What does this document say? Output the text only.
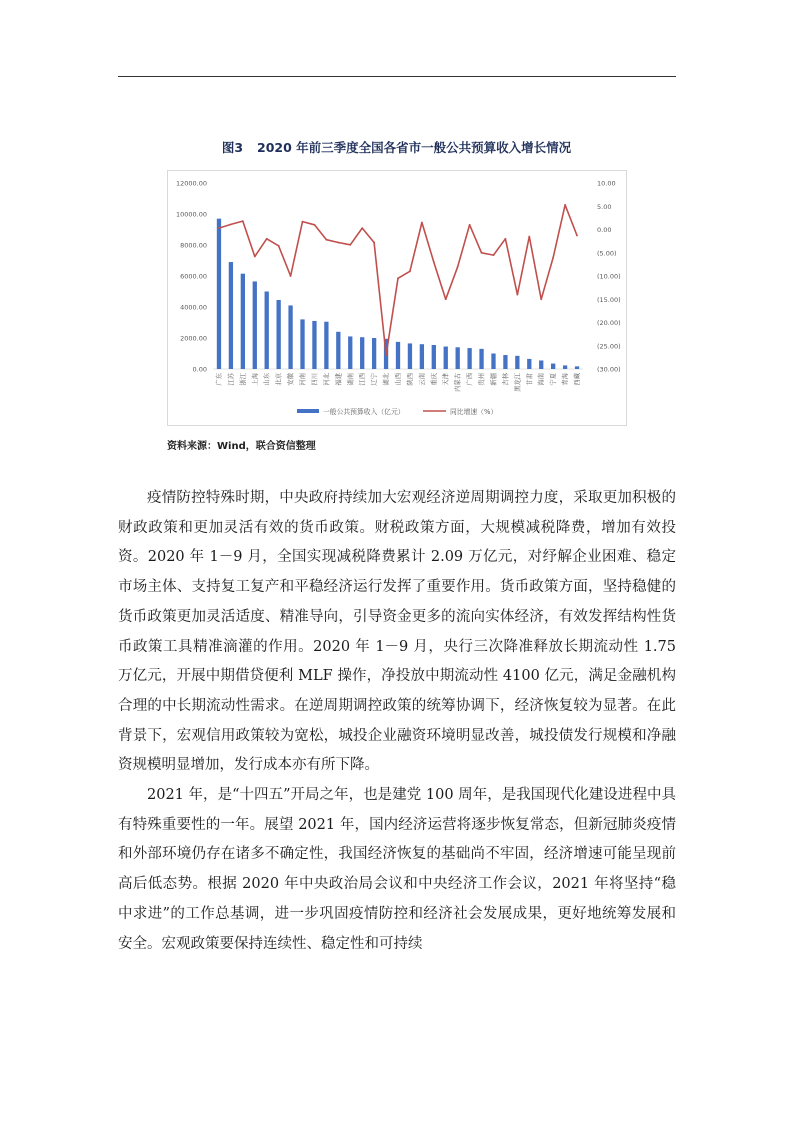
图3 2020 年前三季度全国各省市一般公共预算收入增长情况
0.00
2000.00
4000.00
6000.00
8000.00
10000.00
12000.00	10.00
5.00
0.00
(5.00)
(10.00)
(15.00)
(20.00)
(25.00)
(30.00)
广东 江苏 浙江 上海 山东 北京 安徽 河南 四川 河北 福建 湖南 江西 辽宁 湖北 山西 陕西 云南 重庆 天津 内蒙古 广西 贵州 新疆 吉林 黑龙江 甘肃 海南 宁夏 青海 西藏
一般公共预算收入（亿元）	同比增速（%）
资料来源：Wind，联合资信整理

疫情防控特殊时期，中央政府持续加大宏观经济逆周期调控力度，采取更加积极的财政政策和更加灵活有效的货币政策。财税政策方面，大规模减税降费，增加有效投资。2020 年 1－9 月，全国实现减税降费累计 2.09 万亿元，对纾解企业困难、稳定市场主体、支持复工复产和平稳经济运行发挥了重要作用。货币政策方面，坚持稳健的货币政策更加灵活适度、精准导向，引导资金更多的流向实体经济，有效发挥结构性货币政策工具精准滴灌的作用。2020 年 1－9 月，央行三次降准释放长期流动性 1.75 万亿元，开展中期借贷便利 MLF 操作，净投放中期流动性 4100 亿元，满足金融机构合理的中长期流动性需求。在逆周期调控政策的统筹协调下，经济恢复较为显著。在此背景下，宏观信用政策较为宽松，城投企业融资环境明显改善，城投债发行规模和净融资规模明显增加，发行成本亦有所下降。

2021 年，是“十四五”开局之年，也是建党 100 周年，是我国现代化建设进程中具有特殊重要性的一年。展望 2021 年，国内经济运营将逐步恢复常态，但新冠肺炎疫情和外部环境仍存在诸多不确定性，我国经济恢复的基础尚不牢固，经济增速可能呈现前高后低态势。根据 2020 年中央政治局会议和中央经济工作会议，2021 年将坚持“稳中求进”的工作总基调，进一步巩固疫情防控和经济社会发展成果，更好地统筹发展和安全。宏观政策要保持连续性、稳定性和可持续
